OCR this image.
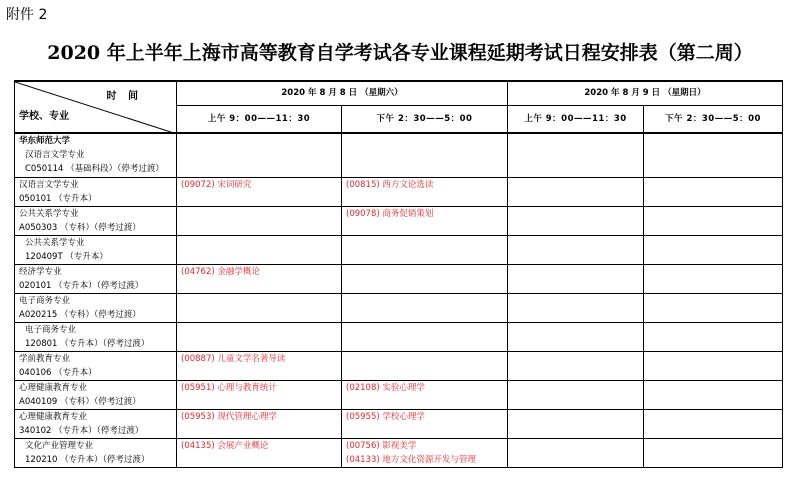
附件 2
2020 年上半年上海市高等教育自学考试各专业课程延期考试日程安排表（第二周）
时 间
学校、专业	2020 年 8 月 8 日 （星期六）		2020 年 8 月 9 日 （星期日）	
	上午 9：00——11：30	下午 2：30——5：00	上午 9：00——11：30	下午 2：30——5：00

华东师范大学
汉语言文学专业
C050114 （基础科段）（停考过渡）				

汉语言文学专业
050101 （专升本）	(09072) 宋词研究	(00815) 西方文论选读		

公共关系学专业
A050303 （专科）（停考过渡）		(09078) 商务促销策划		

公共关系学专业
120409T （专升本）				

经济学专业
020101 （专升本）（停考过渡）	(04762) 金融学概论			

电子商务专业
A020215 （专科）（停考过渡）				

电子商务专业
120801 （专升本）（停考过渡）				

学前教育专业
040106 （专升本）	(00887) 儿童文学名著导读			

心理健康教育专业
A040109 （专科）（停考过渡）	(05951) 心理与教育统计	(02108) 实验心理学		

心理健康教育专业
340102 （专升本）（停考过渡）	(05953) 现代管理心理学	(05955) 学校心理学		

文化产业管理专业
120210 （专升本）（停考过渡）	(04135) 会展产业概论	(00756) 影视美学
(04133) 地方文化资源开发与管理		
